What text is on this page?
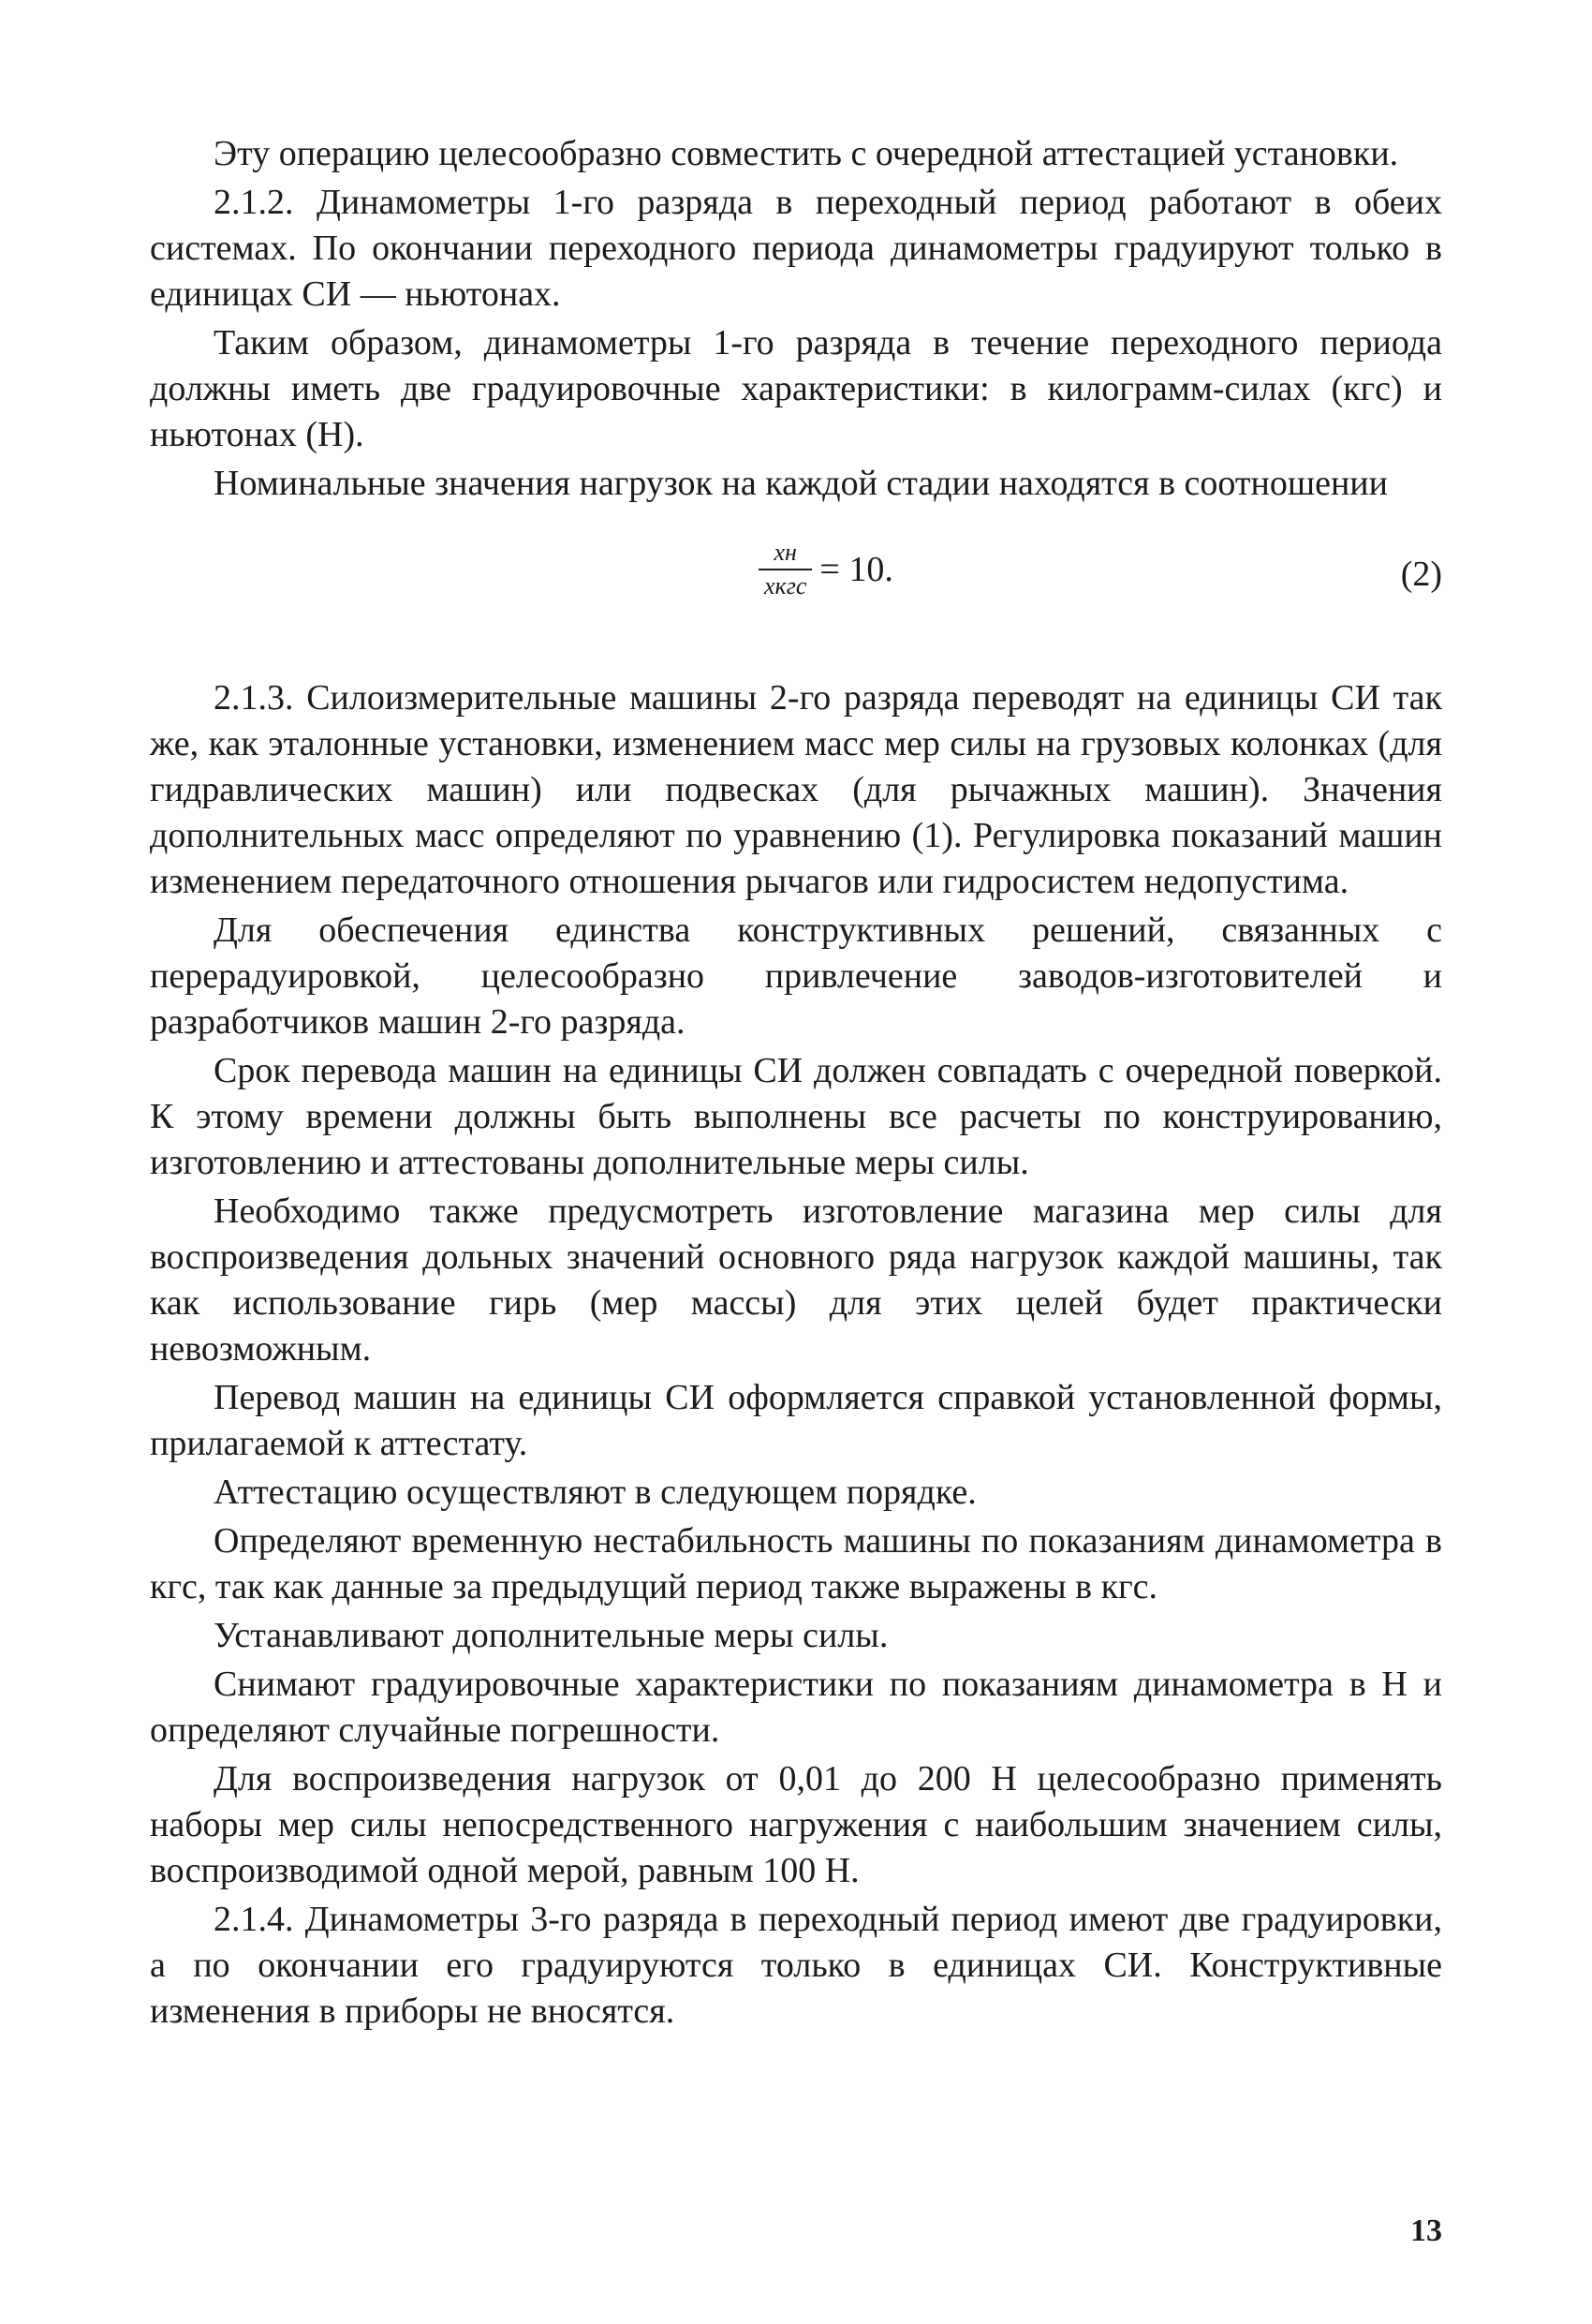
Эту операцию целесообразно совместить с очередной аттестацией установки.

2.1.2. Динамометры 1-го разряда в переходный период работают в обеих системах. По окончании переходного периода динамометры градуируют только в единицах СИ — ньютонах.

Таким образом, динамометры 1-го разряда в течение переходного периода должны иметь две градуировочные характеристики: в килограмм-силах (кгс) и ньютонах (Н).

Номинальные значения нагрузок на каждой стадии находятся в соотношении

$\frac{xн}{\text{xкгс}} = 10$.	(2)

2.1.3. Силоизмерительные машины 2-го разряда переводят на единицы СИ так же, как эталонные установки, изменением масс мер силы на грузовых колонках (для гидравлических машин) или подвесках (для рычажных машин). Значения дополнительных масс определяют по уравнению (1). Регулировка показаний машин изменением передаточного отношения рычагов или гидросистем недопустима.

Для обеспечения единства конструктивных решений, связанных с перерадуировкой, целесообразно привлечение заводов-изготовителей и разработчиков машин 2-го разряда.

Срок перевода машин на единицы СИ должен совпадать с очередной поверкой. К этому времени должны быть выполнены все расчеты по конструированию, изготовлению и аттестованы дополнительные меры силы.

Необходимо также предусмотреть изготовление магазина мер силы для воспроизведения дольных значений основного ряда нагрузок каждой машины, так как использование гирь (мер массы) для этих целей будет практически невозможным.

Перевод машин на единицы СИ оформляется справкой установленной формы, прилагаемой к аттестату.

Аттестацию осуществляют в следующем порядке.

Определяют временную нестабильность машины по показаниям динамометра в кгс, так как данные за предыдущий период также выражены в кгс.

Устанавливают дополнительные меры силы.

Снимают градуировочные характеристики по показаниям динамометра в Н и определяют случайные погрешности.

Для воспроизведения нагрузок от 0,01 до 200 Н целесообразно применять наборы мер силы непосредственного нагружения с наибольшим значением силы, воспроизводимой одной мерой, равным 100 Н.

2.1.4. Динамометры 3-го разряда в переходный период имеют две градуировки, а по окончании его градуируются только в единицах СИ. Конструктивные изменения в приборы не вносятся.

13
